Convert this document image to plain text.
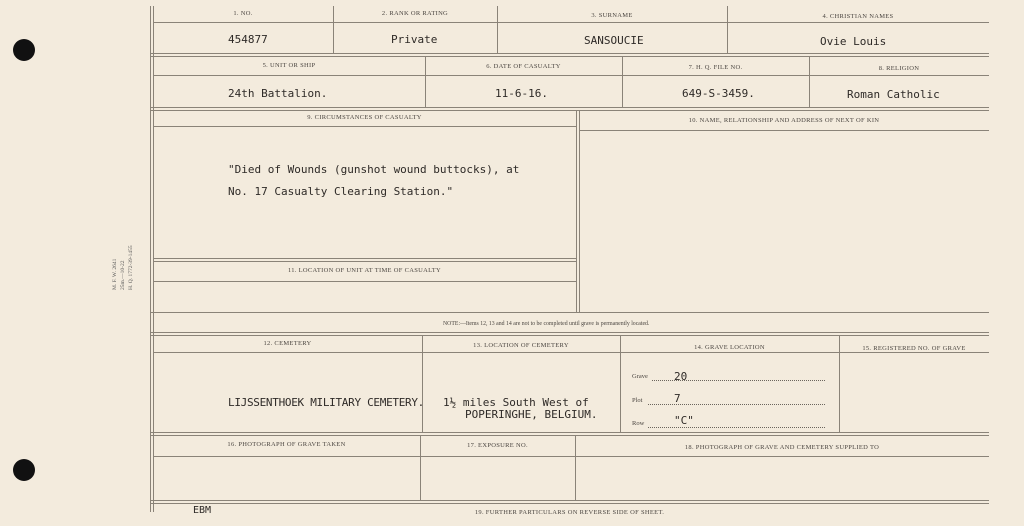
M. F. W. 2641 25m.—10-22 H. Q. 1772-39-1455
1. NO.	2. RANK OR RATING	3. SURNAME	4. CHRISTIAN NAMES
454877	Private	SANSOUCIE	Ovie Louis
5. UNIT OR SHIP	6. DATE OF CASUALTY	7. H. Q. FILE NO.	8. RELIGION
24th Battalion.	11-6-16.	649-S-3459.	Roman Catholic
9. CIRCUMSTANCES OF CASUALTY	10. NAME, RELATIONSHIP AND ADDRESS OF NEXT OF KIN
"Died of Wounds (gunshot wound buttocks), at
No. 17 Casualty Clearing Station."
11. LOCATION OF UNIT AT TIME OF CASUALTY
NOTE:—Items 12, 13 and 14 are not to be completed until grave is permanently located.
12. CEMETERY	13. LOCATION OF CEMETERY	14. GRAVE LOCATION	15. REGISTERED NO. OF GRAVE
LIJSSENTHOEK MILITARY CEMETERY. 1½ miles South West of
POPERINGHE, BELGIUM.
Grave 20
Plot	7
Row	"C"
16. PHOTOGRAPH OF GRAVE TAKEN	17. EXPOSURE NO.	18. PHOTOGRAPH OF GRAVE AND CEMETERY SUPPLIED TO
19. FURTHER PARTICULARS ON REVERSE SIDE OF SHEET.
EBM
